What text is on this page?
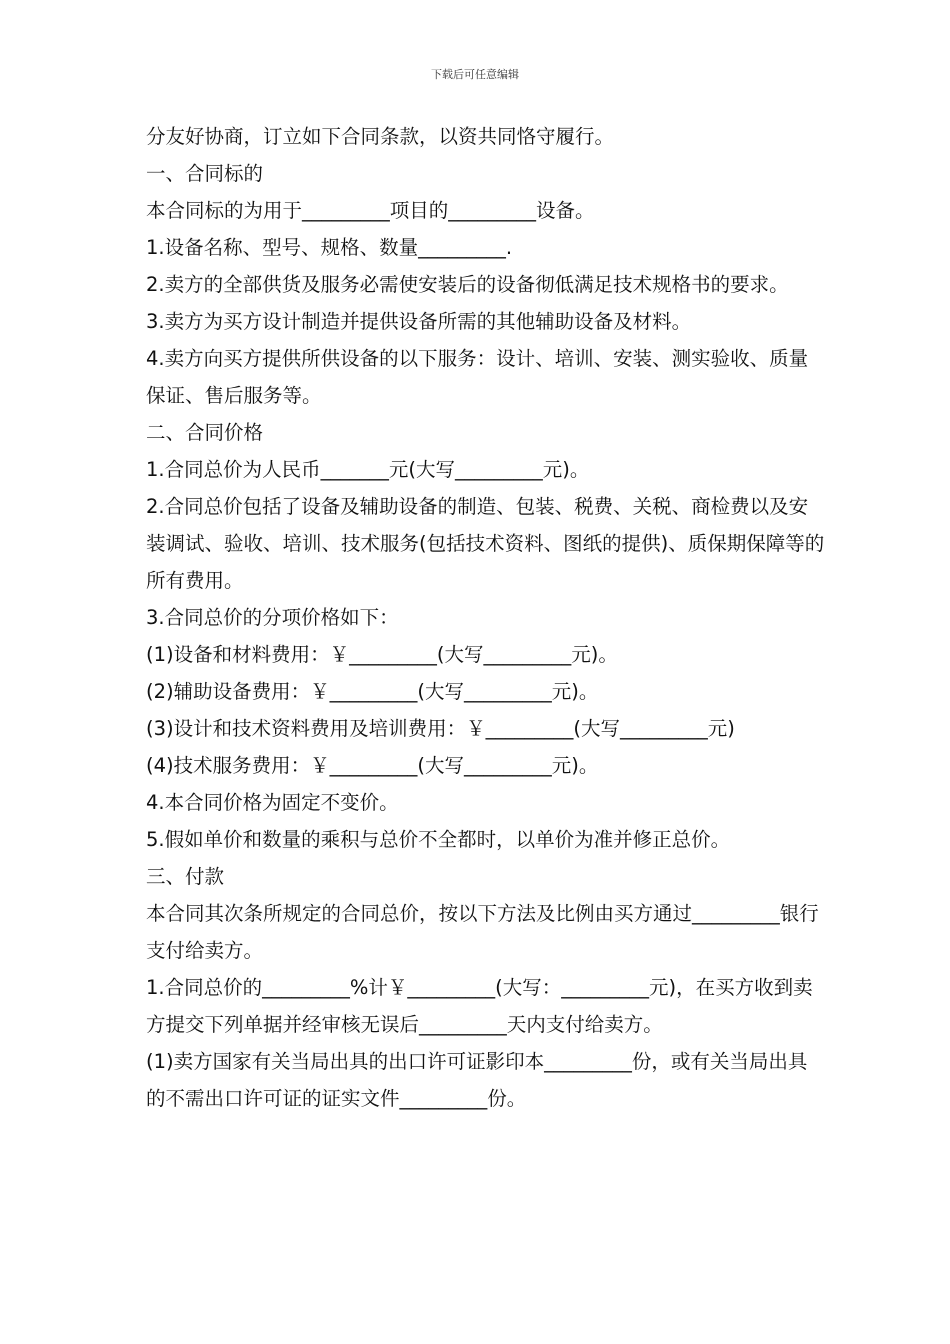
下载后可任意编辑

分友好协商，订立如下合同条款，以资共同恪守履行。

一、合同标的

本合同标的为用于_________项目的_________设备。

1.设备名称、型号、规格、数量_________.

2.卖方的全部供货及服务必需使安装后的设备彻低满足技术规格书的要求。

3.卖方为买方设计制造并提供设备所需的其他辅助设备及材料。

4.卖方向买方提供所供设备的以下服务：设计、培训、安装、测实验收、质量保证、售后服务等。

二、合同价格

1.合同总价为人民币_______元(大写_________元)。

2.合同总价包括了设备及辅助设备的制造、包装、税费、关税、商检费以及安装调试、验收、培训、技术服务(包括技术资料、图纸的提供)、质保期保障等的所有费用。

3.合同总价的分项价格如下：

(1)设备和材料费用：￥_________(大写_________元)。

(2)辅助设备费用：￥_________(大写_________元)。

(3)设计和技术资料费用及培训费用：￥_________(大写_________元)

(4)技术服务费用：￥_________(大写_________元)。

4.本合同价格为固定不变价。

5.假如单价和数量的乘积与总价不全都时，以单价为准并修正总价。

三、付款

本合同其次条所规定的合同总价，按以下方法及比例由买方通过_________银行支付给卖方。

1.合同总价的_________%计￥_________(大写：_________元)，在买方收到卖方提交下列单据并经审核无误后_________天内支付给卖方。

(1)卖方国家有关当局出具的出口许可证影印本_________份，或有关当局出具的不需出口许可证的证实文件_________份。
